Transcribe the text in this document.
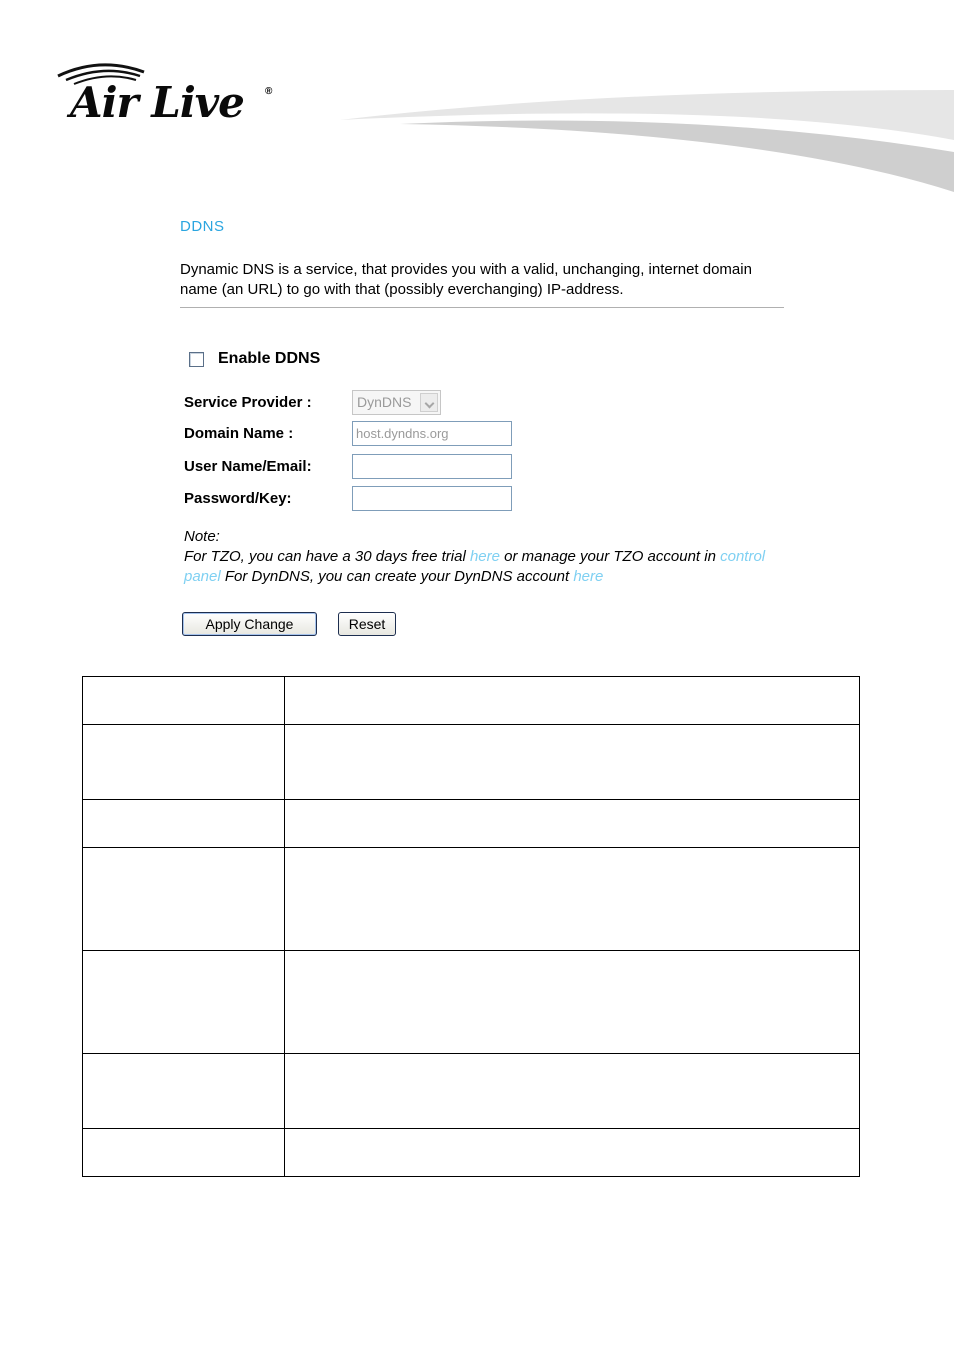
Air Live ®
DDNS
Dynamic DNS is a service, that provides you with a valid, unchanging, internet domain name (an URL) to go with that (possibly everchanging) IP-address.
Enable DDNS
Service Provider :	DynDNS
Domain Name :	host.dyndns.org
User Name/Email:
Password/Key:
Note:
For TZO, you can have a 30 days free trial here or manage your TZO account in control panel For DynDNS, you can create your DynDNS account here
Apply Change	Reset
